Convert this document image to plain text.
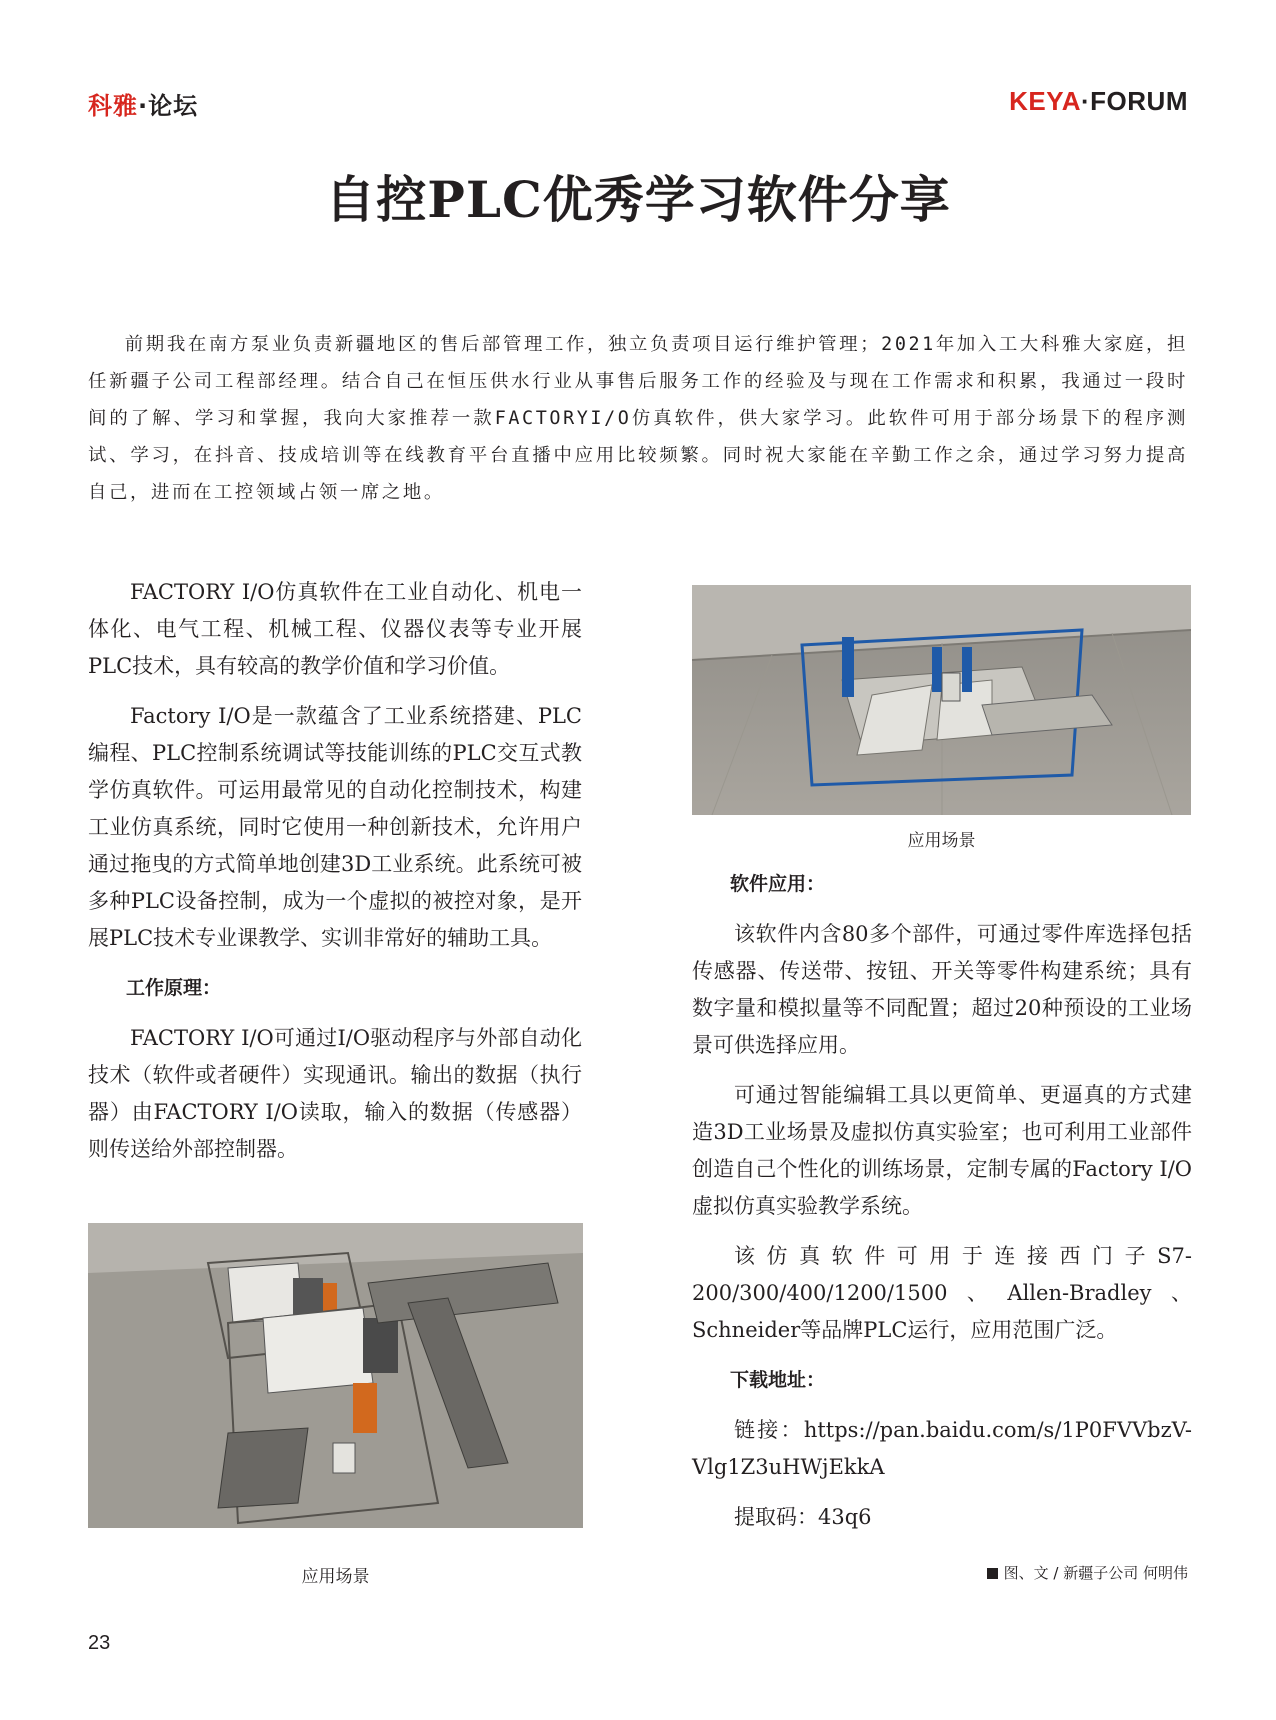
科雅·论坛	KEYA·FORUM
自控PLC优秀学习软件分享

前期我在南方泵业负责新疆地区的售后部管理工作，独立负责项目运行维护管理；2021年加入工大科雅大家庭，担任新疆子公司工程部经理。结合自己在恒压供水行业从事售后服务工作的经验及与现在工作需求和积累，我通过一段时间的了解、学习和掌握，我向大家推荐一款FACTORYI/O仿真软件，供大家学习。此软件可用于部分场景下的程序测试、学习，在抖音、技成培训等在线教育平台直播中应用比较频繁。同时祝大家能在辛勤工作之余，通过学习努力提高自己，进而在工控领域占领一席之地。

FACTORY I/O仿真软件在工业自动化、机电一体化、电气工程、机械工程、仪器仪表等专业开展PLC技术，具有较高的教学价值和学习价值。

Factory I/O是一款蕴含了工业系统搭建、PLC编程、PLC控制系统调试等技能训练的PLC交互式教学仿真软件。可运用最常见的自动化控制技术，构建工业仿真系统，同时它使用一种创新技术，允许用户通过拖曳的方式简单地创建3D工业系统。此系统可被多种PLC设备控制，成为一个虚拟的被控对象，是开展PLC技术专业课教学、实训非常好的辅助工具。

工作原理：

FACTORY I/O可通过I/O驱动程序与外部自动化技术（软件或者硬件）实现通讯。输出的数据（执行器）由FACTORY I/O读取，输入的数据（传感器）则传送给外部控制器。

应用场景
软件应用：

该软件内含80多个部件，可通过零件库选择包括传感器、传送带、按钮、开关等零件构建系统；具有数字量和模拟量等不同配置；超过20种预设的工业场景可供选择应用。

可通过智能编辑工具以更简单、更逼真的方式建造3D工业场景及虚拟仿真实验室；也可利用工业部件创造自己个性化的训练场景，定制专属的Factory I/O虚拟仿真实验教学系统。

该仿真软件可用于连接西门子S7-200/300/400/1200/1500、Allen-Bradley、Schneider等品牌PLC运行，应用范围广泛。

下载地址：

链接：https://pan.baidu.com/s/1P0FVVbzV-Vlg1Z3uHWjEkkA

提取码：43q6

应用场景	图、文 / 新疆子公司 何明伟
23
